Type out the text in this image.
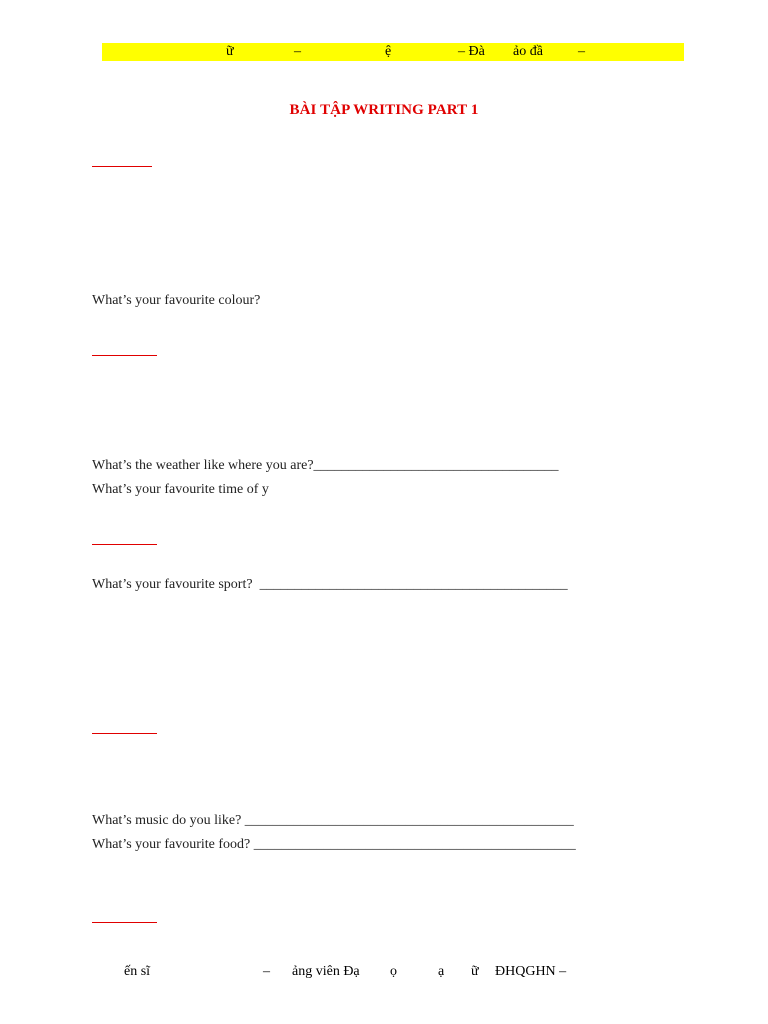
ữ	–	ệ	– Đà ảo đầ	–
BÀI TẬP WRITING PART 1
What’s your favourite colour?
What’s the weather like where you are?___________________________________
What’s your favourite time of y
What’s your favourite sport?  ____________________________________________
What’s music do you like? _______________________________________________
What’s your favourite food? ______________________________________________
ến sĩ	– ảng viên Đạ ọ	ạ ữ ĐHQGHN –
